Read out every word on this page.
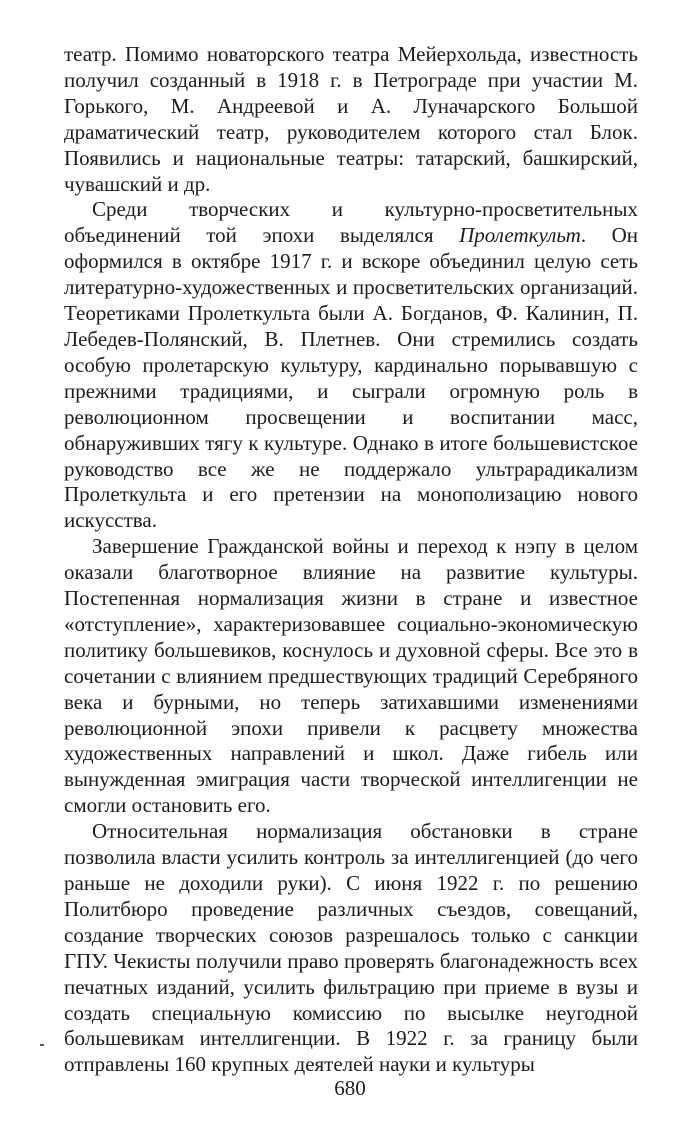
театр. Помимо новаторского театра Мейерхольда, известность получил созданный в 1918 г. в Петрограде при участии М. Горького, М. Андреевой и А. Луначарского Большой драматический театр, руководителем которого стал Блок. Появились и национальные театры: татарский, башкирский, чувашский и др.

Среди творческих и культурно-просветительных объединений той эпохи выделялся Пролеткульт. Он оформился в октябре 1917 г. и вскоре объединил целую сеть литературно-художественных и просветительских организаций. Теоретиками Пролеткульта были А. Богданов, Ф. Калинин, П. Лебедев-Полянский, В. Плетнев. Они стремились создать особую пролетарскую культуру, кардинально порывавшую с прежними традициями, и сыграли огромную роль в революционном просвещении и воспитании масс, обнаруживших тягу к культуре. Однако в итоге большевистское руководство все же не поддержало ультрарадикализм Пролеткульта и его претензии на монополизацию нового искусства.

Завершение Гражданской войны и переход к нэпу в целом оказали благотворное влияние на развитие культуры. Постепенная нормализация жизни в стране и известное «отступление», характеризовавшее социально-экономическую политику большевиков, коснулось и духовной сферы. Все это в сочетании с влиянием предшествующих традиций Серебряного века и бурными, но теперь затихавшими изменениями революционной эпохи привели к расцвету множества художественных направлений и школ. Даже гибель или вынужденная эмиграция части творческой интеллигенции не смогли остановить его.

Относительная нормализация обстановки в стране позволила власти усилить контроль за интеллигенцией (до чего раньше не доходили руки). С июня 1922 г. по решению Политбюро проведение различных съездов, совещаний, создание творческих союзов разрешалось только с санкции ГПУ. Чекисты получили право проверять благонадежность всех печатных изданий, усилить фильтрацию при приеме в вузы и создать специальную комиссию по высылке неугодной большевикам интеллигенции. В 1922 г. за границу были отправлены 160 крупных деятелей науки и культуры

680
